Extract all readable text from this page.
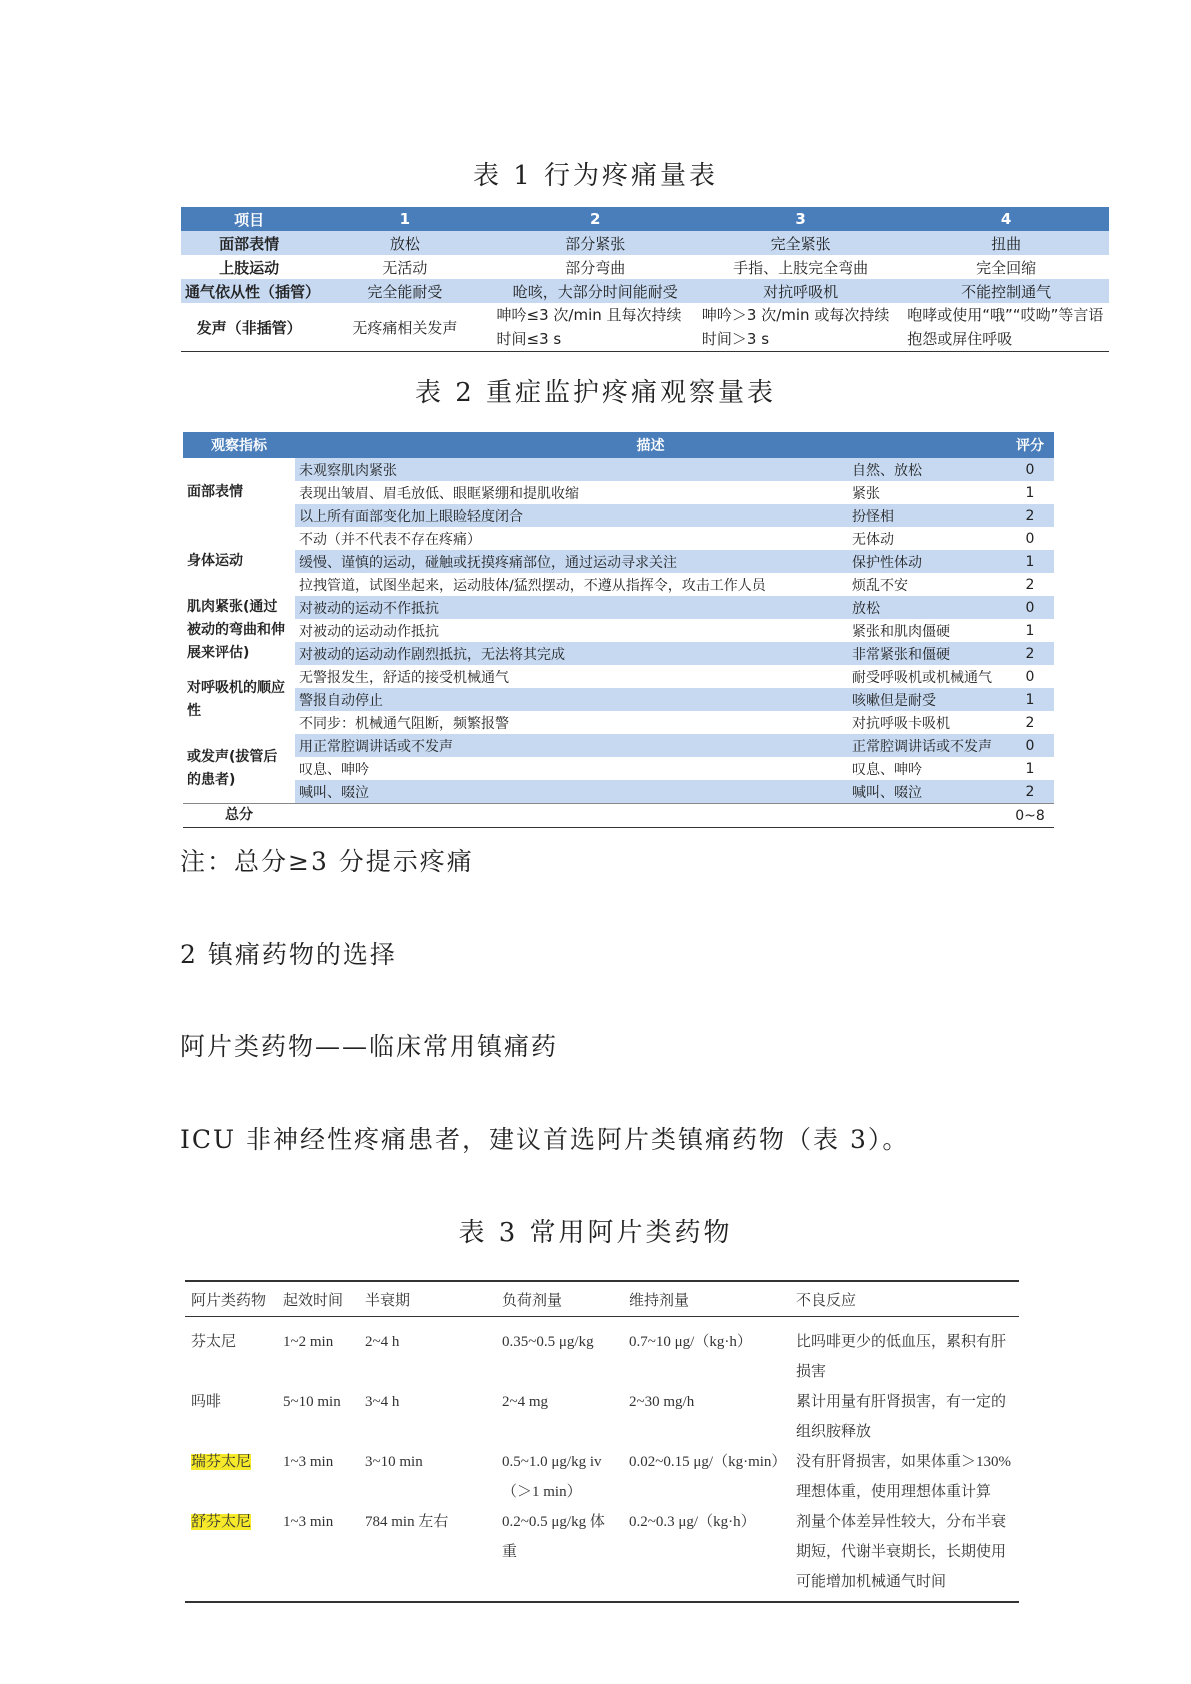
表 1 行为疼痛量表
项目	1	2	3	4
面部表情	放松	部分紧张	完全紧张	扭曲
上肢运动	无活动	部分弯曲	手指、上肢完全弯曲	完全回缩
通气依从性（插管）	完全能耐受	呛咳，大部分时间能耐受	对抗呼吸机	不能控制通气
发声（非插管）	无疼痛相关发声	呻吟≤3 次/min 且每次持续时间≤3 s	呻吟＞3 次/min 或每次持续时间＞3 s	咆哮或使用“哦”“哎呦”等言语抱怨或屏住呼吸
表 2 重症监护疼痛观察量表
观察指标	描述		评分
面部表情	未观察肌肉紧张	自然、放松	0
	表现出皱眉、眉毛放低、眼眶紧绷和提肌收缩	紧张	1
	以上所有面部变化加上眼睑轻度闭合	扮怪相	2
身体运动	不动（并不代表不存在疼痛）	无体动	0
	缓慢、谨慎的运动，碰触或抚摸疼痛部位，通过运动寻求关注	保护性体动	1
	拉拽管道，试图坐起来，运动肢体/猛烈摆动，不遵从指挥令，攻击工作人员	烦乱不安	2
肌肉紧张(通过被动的弯曲和伸展来评估)	对被动的运动不作抵抗	放松	0
	对被动的运动动作抵抗	紧张和肌肉僵硬	1
	对被动的运动动作剧烈抵抗，无法将其完成	非常紧张和僵硬	2
对呼吸机的顺应性	无警报发生，舒适的接受机械通气	耐受呼吸机或机械通气	0
	警报自动停止	咳嗽但是耐受	1
	不同步：机械通气阻断，频繁报警	对抗呼吸卡吸机	2
或发声(拔管后的患者)	用正常腔调讲话或不发声	正常腔调讲话或不发声	0
	叹息、呻吟	叹息、呻吟	1
	喊叫、啜泣	喊叫、啜泣	2
总分			0~8
注：总分≥3 分提示疼痛
2 镇痛药物的选择
阿片类药物——临床常用镇痛药
ICU 非神经性疼痛患者，建议首选阿片类镇痛药物（表 3）。
表 3 常用阿片类药物
阿片类药物	起效时间	半衰期	负荷剂量	维持剂量	不良反应
芬太尼	1~2 min	2~4 h	0.35~0.5 μg/kg	0.7~10 μg/（kg·h）	比吗啡更少的低血压，累积有肝损害
吗啡	5~10 min	3~4 h	2~4 mg	2~30 mg/h	累计用量有肝肾损害，有一定的组织胺释放
瑞芬太尼	1~3 min	3~10 min	0.5~1.0 μg/kg iv（＞1 min）	0.02~0.15 μg/（kg·min）	没有肝肾损害，如果体重＞130% 理想体重，使用理想体重计算
舒芬太尼	1~3 min	784 min 左右	0.2~0.5 μg/kg 体重	0.2~0.3 μg/（kg·h）	剂量个体差异性较大，分布半衰期短，代谢半衰期长，长期使用可能增加机械通气时间
